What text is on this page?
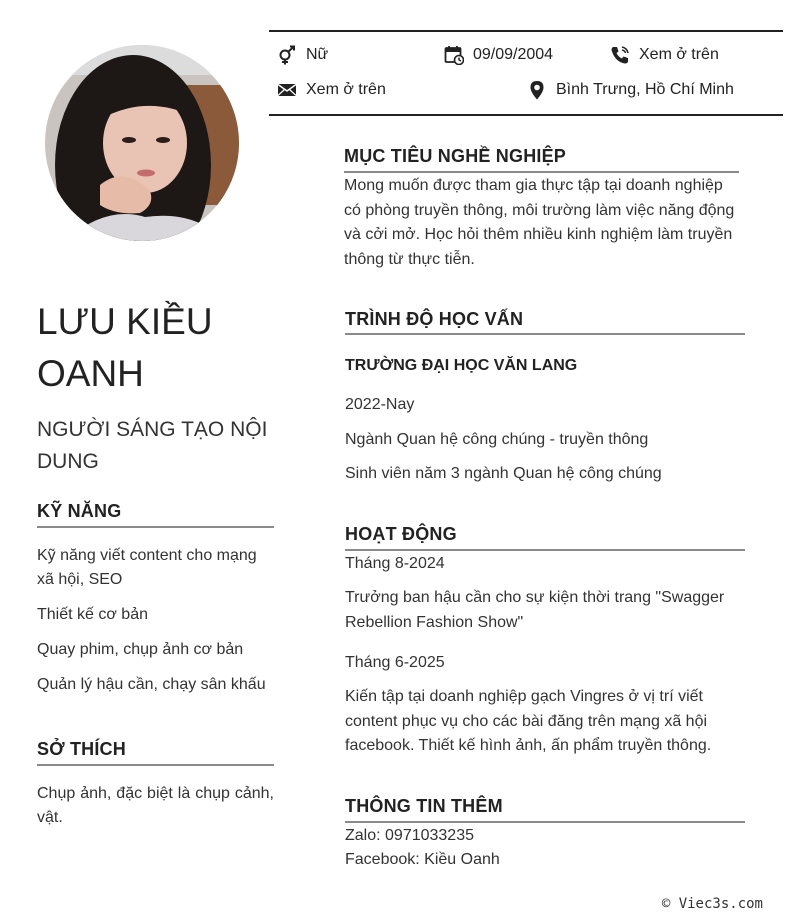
Nữ	09/09/2004	Xem ở trên
Xem ở trên	Bình Trưng, Hồ Chí Minh
LƯU KIỀU OANH
NGƯỜI SÁNG TẠO NỘI DUNG
KỸ NĂNG
Kỹ năng viết content cho mạng xã hội, SEO
Thiết kế cơ bản
Quay phim, chụp ảnh cơ bản
Quản lý hậu cần, chạy sân khấu
SỞ THÍCH
Chụp ảnh, đặc biệt là chụp cảnh, vật.
MỤC TIÊU NGHỀ NGHIỆP
Mong muốn được tham gia thực tập tại doanh nghiệp có phòng truyền thông, môi trường làm việc năng động và cởi mở. Học hỏi thêm nhiều kinh nghiệm làm truyền thông từ thực tiễn.
TRÌNH ĐỘ HỌC VẤN
TRƯỜNG ĐẠI HỌC VĂN LANG
2022-Nay
Ngành Quan hệ công chúng - truyền thông
Sinh viên năm 3 ngành Quan hệ công chúng
HOẠT ĐỘNG
Tháng 8-2024
Trưởng ban hậu cần cho sự kiện thời trang "Swagger Rebellion Fashion Show"
Tháng 6-2025
Kiến tập tại doanh nghiệp gạch Vingres ở vị trí viết content phục vụ cho các bài đăng trên mạng xã hội facebook. Thiết kế hình ảnh, ấn phẩm truyền thông.
THÔNG TIN THÊM
Zalo: 0971033235
Facebook: Kiều Oanh
© Viec3s.com
